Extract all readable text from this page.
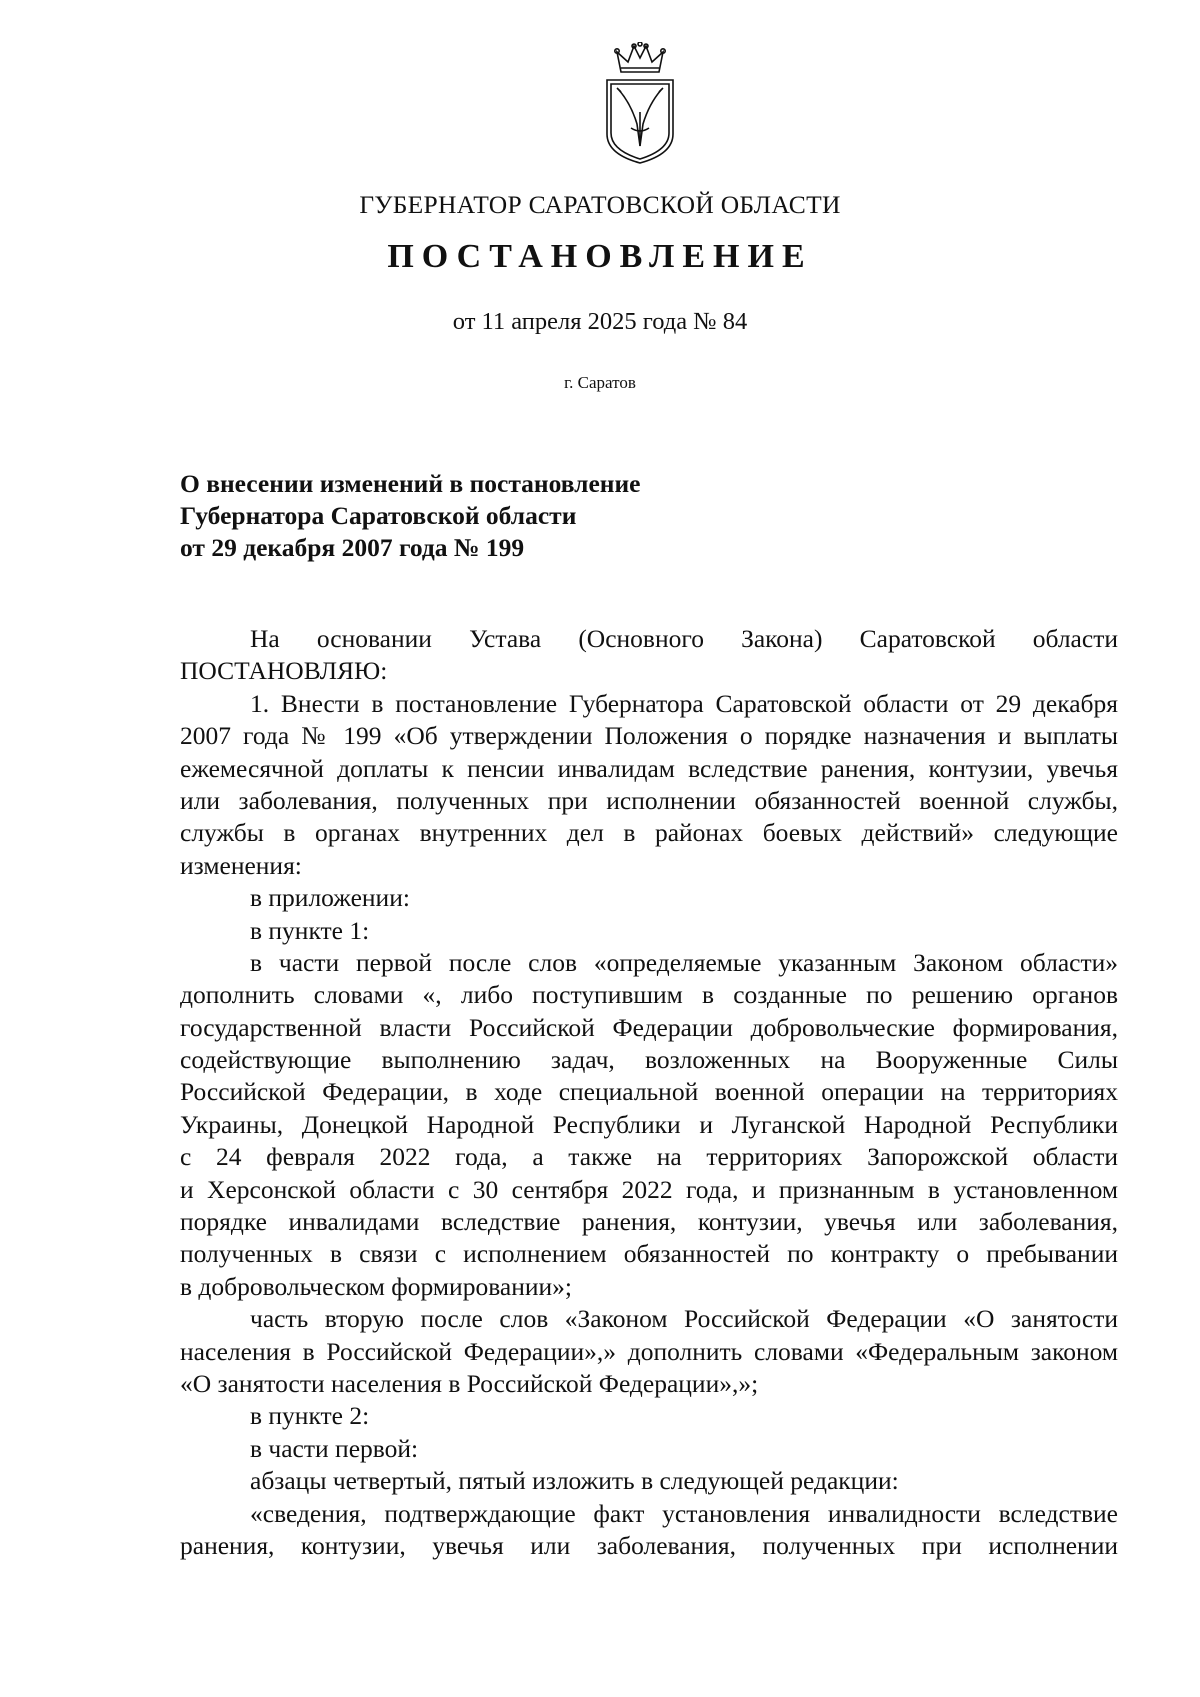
ГУБЕРНАТОР САРАТОВСКОЙ ОБЛАСТИ
ПОСТАНОВЛЕНИЕ
от 11 апреля 2025 года № 84
г. Саратов
О внесении изменений в постановление
Губернатора Саратовской области
от 29 декабря 2007 года № 199
На основании Устава (Основного Закона) Саратовской области
ПОСТАНОВЛЯЮ:
1. Внести в постановление Губернатора Саратовской области от 29 декабря
2007 года № 199 «Об утверждении Положения о порядке назначения и выплаты
ежемесячной доплаты к пенсии инвалидам вследствие ранения, контузии, увечья
или заболевания, полученных при исполнении обязанностей военной службы,
службы в органах внутренних дел в районах боевых действий» следующие
изменения:
в приложении:
в пункте 1:
в части первой после слов «определяемые указанным Законом области»
дополнить словами «, либо поступившим в созданные по решению органов
государственной власти Российской Федерации добровольческие формирования,
содействующие выполнению задач, возложенных на Вооруженные Силы
Российской Федерации, в ходе специальной военной операции на территориях
Украины, Донецкой Народной Республики и Луганской Народной Республики
с 24 февраля 2022 года, а также на территориях Запорожской области
и Херсонской области с 30 сентября 2022 года, и признанным в установленном
порядке инвалидами вследствие ранения, контузии, увечья или заболевания,
полученных в связи с исполнением обязанностей по контракту о пребывании
в добровольческом формировании»;
часть вторую после слов «Законом Российской Федерации «О занятости
населения в Российской Федерации»,» дополнить словами «Федеральным законом
«О занятости населения в Российской Федерации»,»;
в пункте 2:
в части первой:
абзацы четвертый, пятый изложить в следующей редакции:
«сведения, подтверждающие факт установления инвалидности вследствие
ранения, контузии, увечья или заболевания, полученных при исполнении
